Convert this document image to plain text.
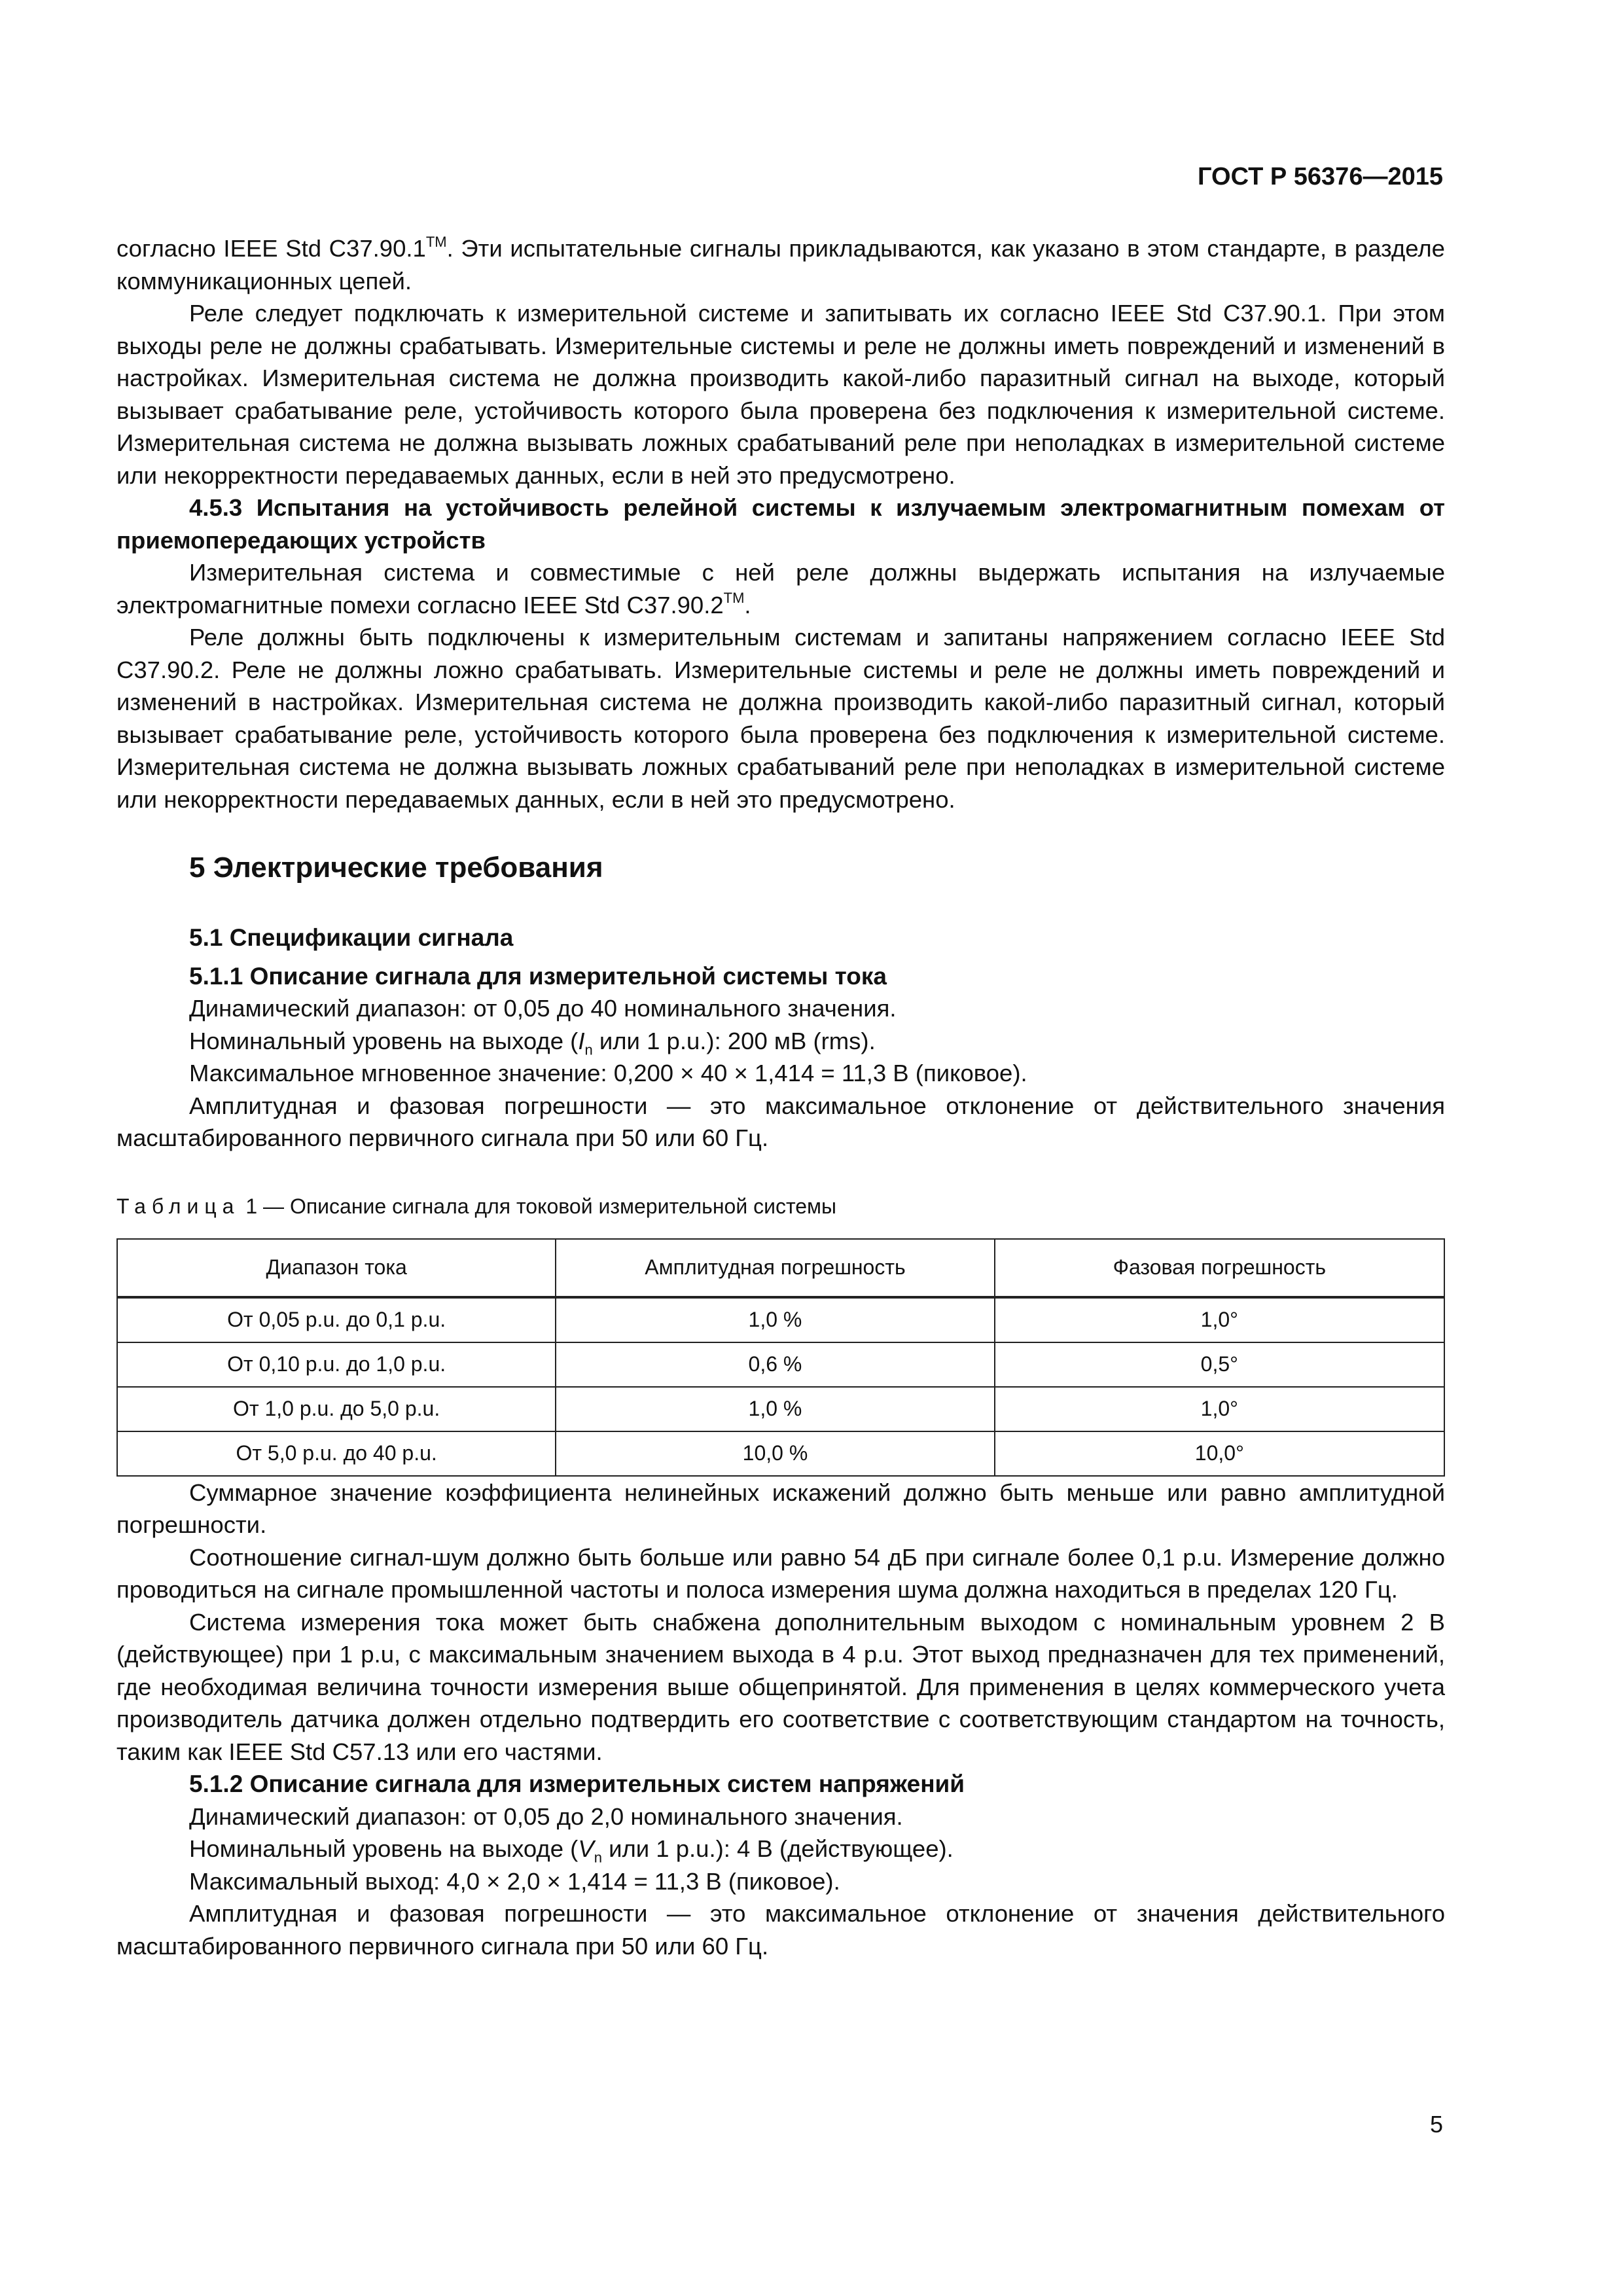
ГОСТ Р 56376—2015

согласно IEEE Std C37.90.1™. Эти испытательные сигналы прикладываются, как указано в этом стандарте, в разделе коммуникационных цепей.

Реле следует подключать к измерительной системе и запитывать их согласно IEEE Std C37.90.1. При этом выходы реле не должны срабатывать. Измерительные системы и реле не должны иметь повреждений и изменений в настройках. Измерительная система не должна производить какой-либо паразитный сигнал на выходе, который вызывает срабатывание реле, устойчивость которого была проверена без подключения к измерительной системе. Измерительная система не должна вызывать ложных срабатываний реле при неполадках в измерительной системе или некорректности передаваемых данных, если в ней это предусмотрено.

4.5.3 Испытания на устойчивость релейной системы к излучаемым электромагнитным помехам от приемопередающих устройств

Измерительная система и совместимые с ней реле должны выдержать испытания на излучаемые электромагнитные помехи согласно IEEE Std C37.90.2™.

Реле должны быть подключены к измерительным системам и запитаны напряжением согласно IEEE Std C37.90.2. Реле не должны ложно срабатывать. Измерительные системы и реле не должны иметь повреждений и изменений в настройках. Измерительная система не должна производить какой-либо паразитный сигнал, который вызывает срабатывание реле, устойчивость которого была проверена без подключения к измерительной системе. Измерительная система не должна вызывать ложных срабатываний реле при неполадках в измерительной системе или некорректности передаваемых данных, если в ней это предусмотрено.

5 Электрические требования
5.1 Спецификации сигнала
5.1.1 Описание сигнала для измерительной системы тока

Динамический диапазон: от 0,05 до 40 номинального значения.

Номинальный уровень на выходе ($I_n$ или 1 p.u.): 200 мВ (rms).

Максимальное мгновенное значение: 0,200 × 40 × 1,414 = 11,3 В (пиковое).

Амплитудная и фазовая погрешности — это максимальное отклонение от действительного значения масштабированного первичного сигнала при 50 или 60 Гц.

Таблица 1 — Описание сигнала для токовой измерительной системы
Диапазон тока	Амплитудная погрешность	Фазовая погрешность
От 0,05 p.u. до 0,1 p.u.	1,0 %	1,0°
От 0,10 p.u. до 1,0 p.u.	0,6 %	0,5°
От 1,0 p.u. до 5,0 p.u.	1,0 %	1,0°
От 5,0 p.u. до 40 p.u.	10,0 %	10,0°

Суммарное значение коэффициента нелинейных искажений должно быть меньше или равно амплитудной погрешности.

Соотношение сигнал-шум должно быть больше или равно 54 дБ при сигнале более 0,1 p.u. Измерение должно проводиться на сигнале промышленной частоты и полоса измерения шума должна находиться в пределах 120 Гц.

Система измерения тока может быть снабжена дополнительным выходом с номинальным уровнем 2 В (действующее) при 1 p.u, с максимальным значением выхода в 4 p.u. Этот выход предназначен для тех применений, где необходимая величина точности измерения выше общепринятой. Для применения в целях коммерческого учета производитель датчика должен отдельно подтвердить его соответствие с соответствующим стандартом на точность, таким как IEEE Std C57.13 или его частями.

5.1.2 Описание сигнала для измерительных систем напряжений

Динамический диапазон: от 0,05 до 2,0 номинального значения.

Номинальный уровень на выходе ($V_n$ или 1 p.u.): 4 В (действующее).

Максимальный выход: 4,0 × 2,0 × 1,414 = 11,3 В (пиковое).

Амплитудная и фазовая погрешности — это максимальное отклонение от значения действительного масштабированного первичного сигнала при 50 или 60 Гц.

5
